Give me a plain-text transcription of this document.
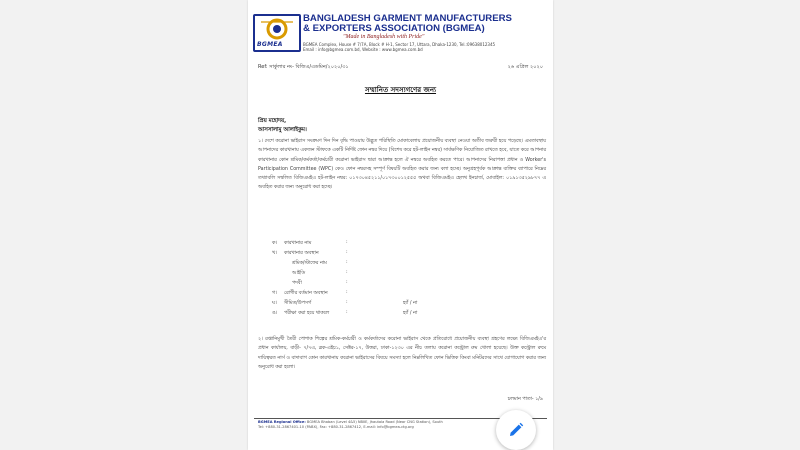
BGMEA
BANGLADESH GARMENT MANUFACTURERS
& EXPORTERS ASSOCIATION (BGMEA)
"Made in Bangladesh with Pride"
BGMEA Complex, House # 7/7A, Block # H-1, Sector 17, Uttara, Dhaka-1230, Tel.:09638012345
Email : info@bgmea.com.bd, Website : www.bgmea.com.bd
Ref: সার্কুলার নং- বিজিএ/এডমিন/২০২০/৩১	২৬ এপ্রিল ২০২০
সম্মানিত সদস্যগণের জন্য
প্রিয় মহোদয়,
আসসালামু আলাইকুম।
১। দেশে করোনা ভাইরাস সংক্রমণ দিন দিন বৃদ্ধি পাওয়ায় উদ্ভূত পরিস্থিতি মোকাবেলায় প্রয়োজনীয় ব্যবস্থা নেওয়া অতীব জরুরী হয়ে পড়েছে। এমতাবস্থায় আপনাদের কারখানায় একজন স্টাফকে একটি নির্দিষ্ট ফোন নম্বর দিয়ে (বিশেষ করে হট-লাইন নম্বর) সার্বক্ষণিক নিয়োজিত রাখতে হবে, যাতে করে আপনার কারখানার কোন শ্রমিক/কর্মকর্তা/কর্মচারী করোনা ভাইরাস দ্বারা আক্রান্ত হলে ঐ নম্বরে অবহিত করতে পারে। আপনাদের নিরাপত্তা প্রধান ও Worker's Participation Committee (WPC) কেও ফোন নম্বরসহ সম্পূর্ণ বিষয়টি অবহিত করার জন্য বলা হচ্ছে। অনুগ্রহপূর্বক আক্রান্ত ব্যক্তির ব্যাপারে নিম্নের তথ্যাবলি সম্বলিত বিজিএমইএ হট-লাইন নম্বর: ০১৭৩০৪৫২১১/০১৭৩০০১২৫৫৫ অথবা বিজিএমইএ হেলথ ইনচার্জ, মোবাইল: ০১৯১৩৫২৯৮৭৭ এ অবহিত করার জন্য অনুরোধ করা হচ্ছে।
ক। কারখানার নাম	:
খ। কারখানার অবস্থান	:
শ্রমিক/স্টাফের নাম	:
আইডি	:
পদবী	:
গ। রোগীর বর্তমান অবস্থান	:
ঘ। সীমিত/উপসর্গ	:	হ্যাঁ / না
ঙ। পরীক্ষা করা হয়ে থাকলে	:	হ্যাঁ / না
২। রপ্তানিমুখী তৈরী পোশাক শিল্পের শ্রমিক-কর্মচারী ও কর্মকর্তাদের করোনা ভাইরাস থেকে প্রতিরোধে প্রয়োজনীয় ব্যবস্থা গ্রহণের লক্ষ্যে বিজিএমইএ'র প্রধান কার্যালয়, বাড়ী- ৭/৭এ, ব্লক-এইচ১, সেক্টর-১৭, উত্তরা, ঢাকা-১২৩০ এর নীচ তলায় করোনা কন্ট্রোল রুম খোলা হয়েছে। উক্ত কন্ট্রোল রুমে দায়িত্বরত নার্স ও বাদাবাগ কোন কারখানায় করোনা ভাইরাসের বিষয়ে সমস্যা হলে নিম্নলিখিত ফোন ভিত্তিক কিংবা মনিটরদের সাথে যোগাযোগ করার জন্য অনুরোধ করা হলো।
চলমান পাতা- ১/৯
BGMEA Regional Office: BGMEA Bhaban (Level 4&5) NBIIE, Jhautala Road (Near CNG Station), South
Tel: +880-31-2867401-10 (PABX), Fax: +880-31-2867412, E-mail: info@bgmea-ctg.org
